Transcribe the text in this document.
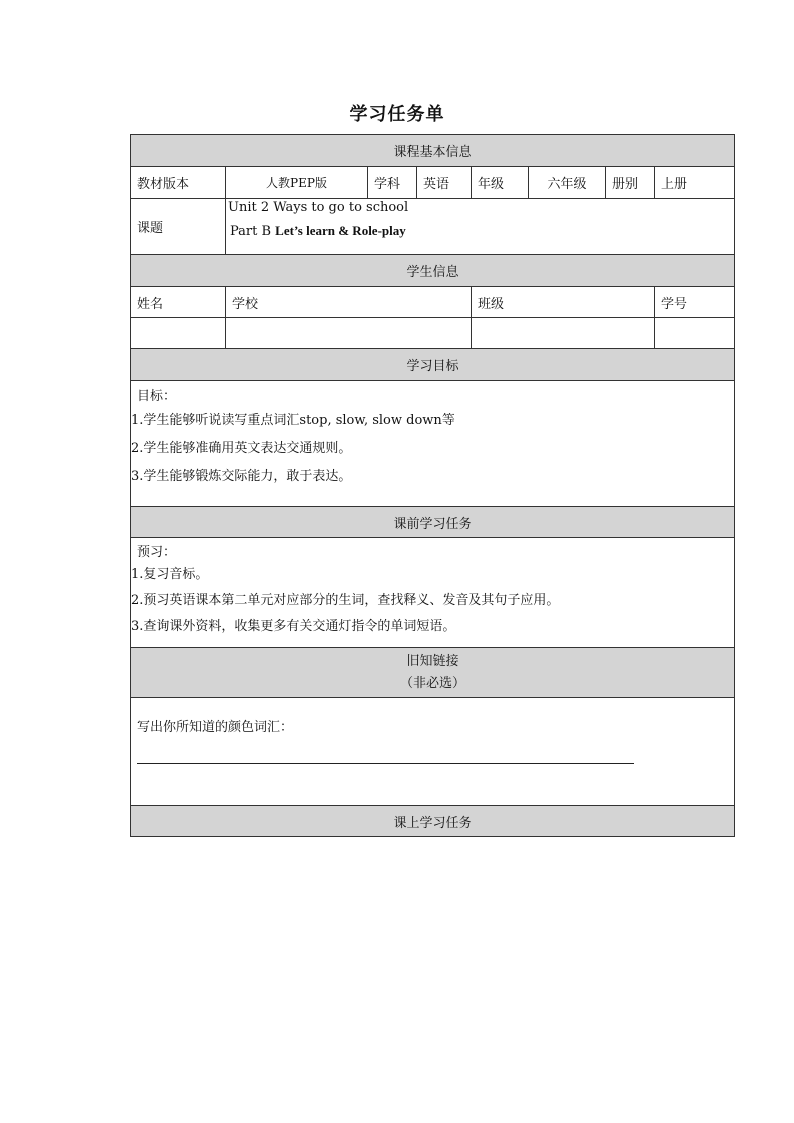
学习任务单
课程基本信息							
教材版本	人教PEP版	学科	英语	年级	六年级	册别	上册
课题	Unit 2 Ways to go to school
Part B Let’s learn & Role-play						

学生信息							
姓名	学校			班级			学号

学习目标							

目标：

1.学生能够听说读写重点词汇stop, slow, slow down等

2.学生能够准确用英文表达交通规则。

3.学生能够锻炼交际能力，敢于表达。							

课前学习任务							

预习：

1.复习音标。

2.预习英语课本第二单元对应部分的生词，查找释义、发音及其句子应用。

3.查询课外资料，收集更多有关交通灯指令的单词短语。							

旧知链接
（非必选）							

写出你所知道的颜色词汇：							

课上学习任务							
